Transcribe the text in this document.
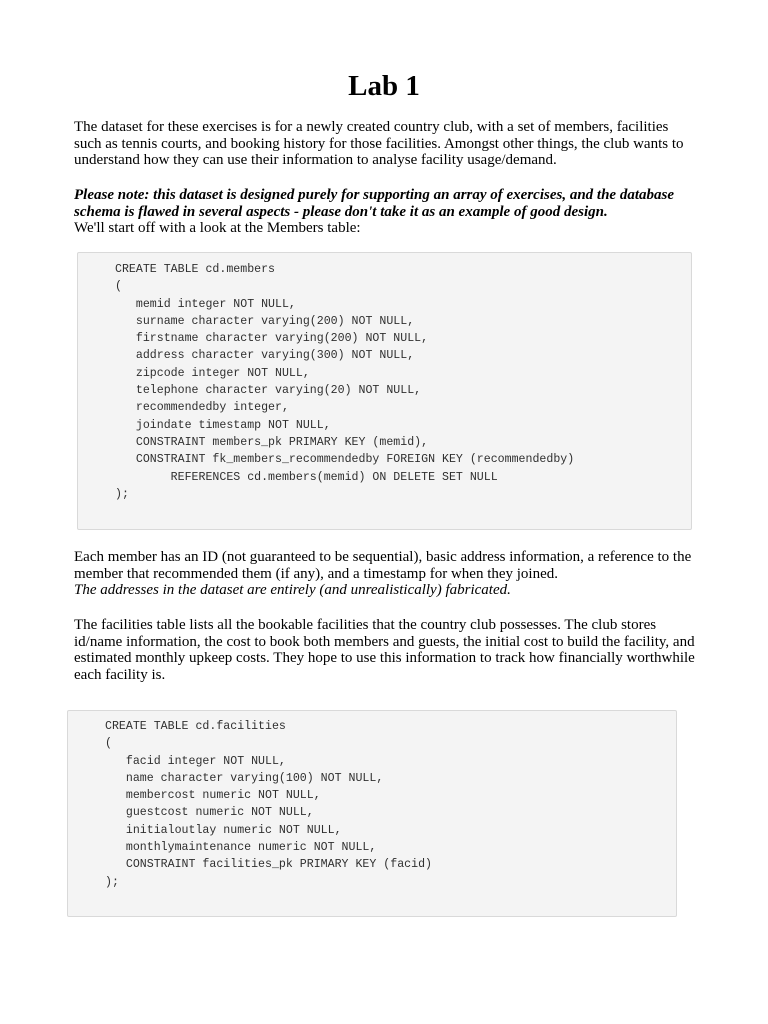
Lab 1

The dataset for these exercises is for a newly created country club, with a set of members, facilities such as tennis courts, and booking history for those facilities. Amongst other things, the club wants to understand how they can use their information to analyse facility usage/demand.

Please note: this dataset is designed purely for supporting an array of exercises, and the database schema is flawed in several aspects - please don't take it as an example of good design.
We'll start off with a look at the Members table:
CREATE TABLE cd.members
(
memid integer NOT NULL,
surname character varying(200) NOT NULL,
firstname character varying(200) NOT NULL,
address character varying(300) NOT NULL,
zipcode integer NOT NULL,
telephone character varying(20) NOT NULL,
recommendedby integer,
joindate timestamp NOT NULL,
CONSTRAINT members_pk PRIMARY KEY (memid),
CONSTRAINT fk_members_recommendedby FOREIGN KEY (recommendedby)
REFERENCES cd.members(memid) ON DELETE SET NULL
);
Each member has an ID (not guaranteed to be sequential), basic address information, a reference to the member that recommended them (if any), and a timestamp for when they joined.
The addresses in the dataset are entirely (and unrealistically) fabricated.

The facilities table lists all the bookable facilities that the country club possesses. The club stores id/name information, the cost to book both members and guests, the initial cost to build the facility, and estimated monthly upkeep costs. They hope to use this information to track how financially worthwhile each facility is.

CREATE TABLE cd.facilities
(
facid integer NOT NULL,
name character varying(100) NOT NULL,
membercost numeric NOT NULL,
guestcost numeric NOT NULL,
initialoutlay numeric NOT NULL,
monthlymaintenance numeric NOT NULL,
CONSTRAINT facilities_pk PRIMARY KEY (facid)
);
